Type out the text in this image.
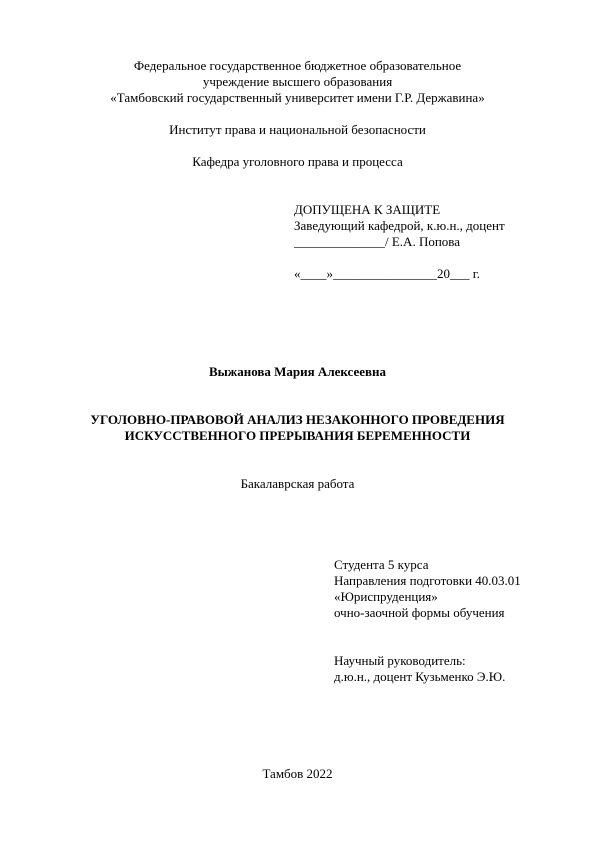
Федеральное государственное бюджетное образовательное
учреждение высшего образования
«Тамбовский государственный университет имени Г.Р. Державина»
Институт права и национальной безопасности
Кафедра уголовного права и процесса
ДОПУЩЕНА К ЗАЩИТЕ
Заведующий кафедрой, к.ю.н., доцент
______________/ Е.А. Попова
«____»________________20___ г.
Выжанова Мария Алексеевна
УГОЛОВНО-ПРАВОВОЙ АНАЛИЗ НЕЗАКОННОГО ПРОВЕДЕНИЯ
ИСКУССТВЕННОГО ПРЕРЫВАНИЯ БЕРЕМЕННОСТИ
Бакалаврская работа
Студента 5 курса
Направления подготовки 40.03.01
«Юриспруденция»
очно-заочной формы обучения
Научный руководитель:
д.ю.н., доцент Кузьменко Э.Ю.
Тамбов 2022
